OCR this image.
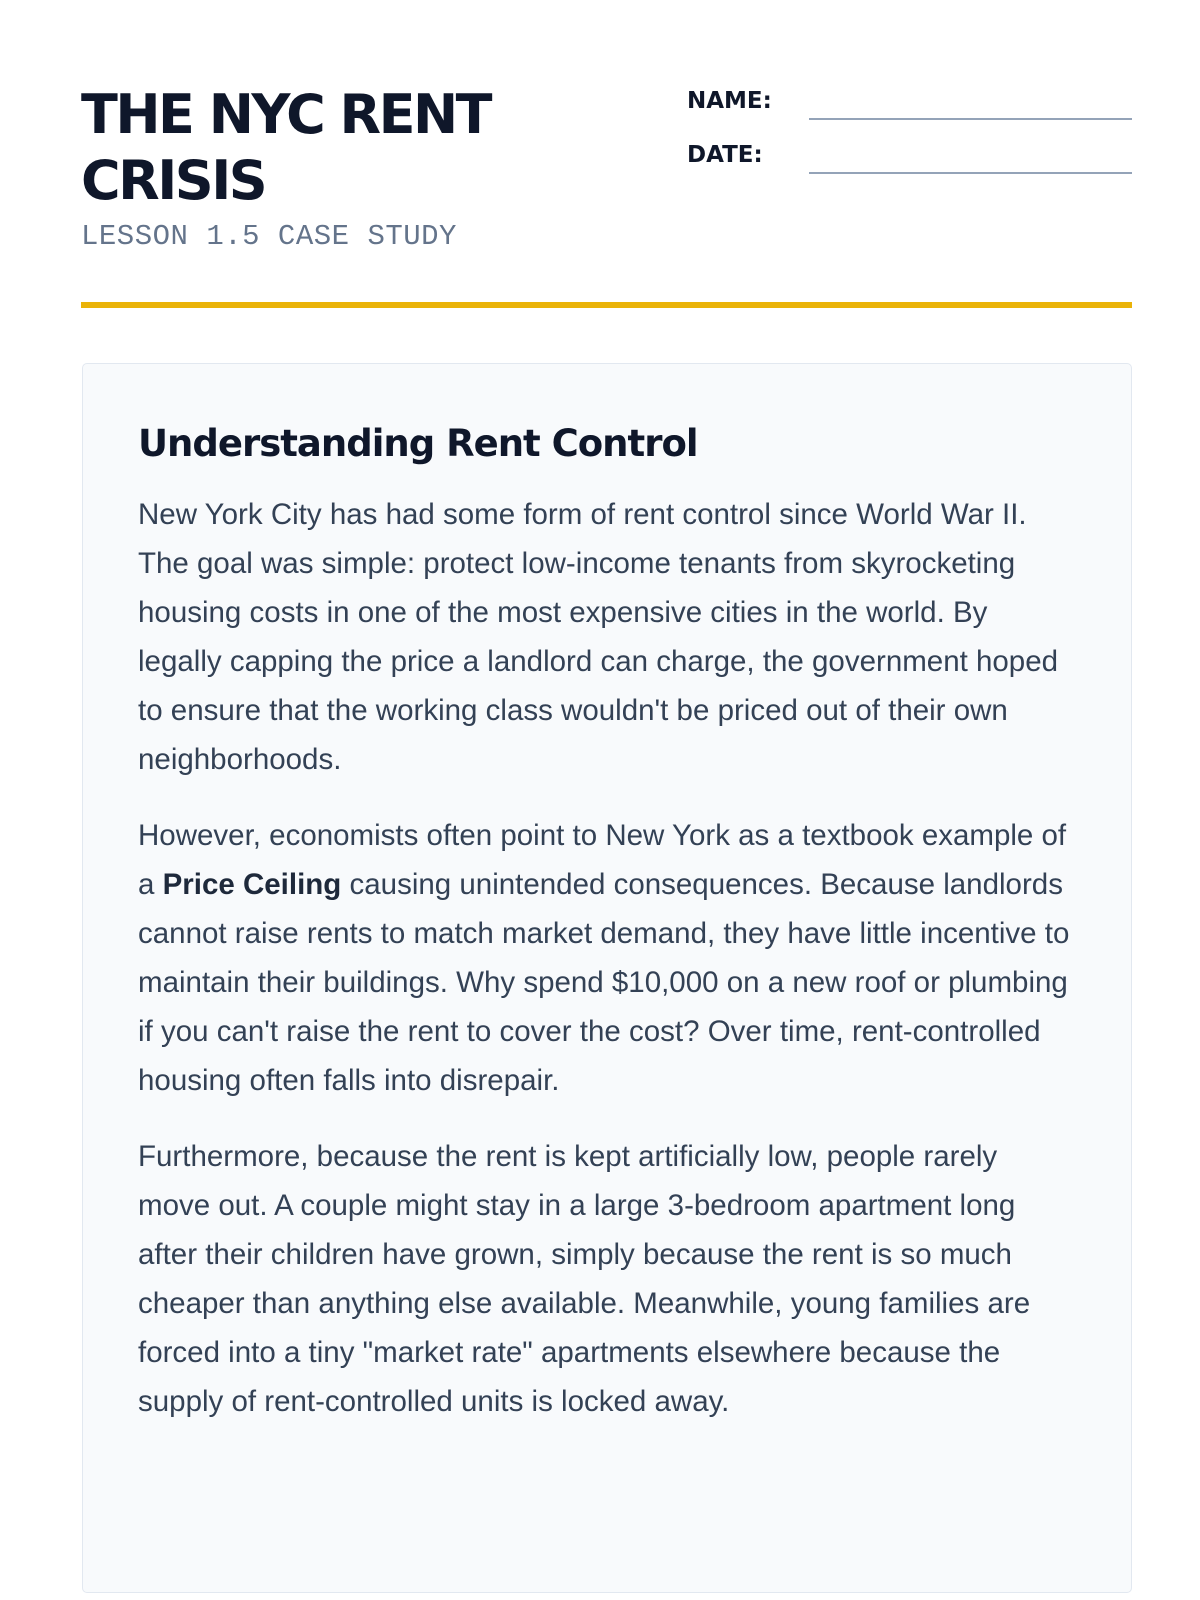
THE NYC RENT CRISIS
LESSON 1.5 CASE STUDY
NAME:
DATE:
Understanding Rent Control

New York City has had some form of rent control since World War II. The goal was simple: protect low-income tenants from skyrocketing housing costs in one of the most expensive cities in the world. By legally capping the price a landlord can charge, the government hoped to ensure that the working class wouldn't be priced out of their own neighborhoods.

However, economists often point to New York as a textbook example of a Price Ceiling causing unintended consequences. Because landlords cannot raise rents to match market demand, they have little incentive to maintain their buildings. Why spend $10,000 on a new roof or plumbing if you can't raise the rent to cover the cost? Over time, rent-controlled housing often falls into disrepair.

Furthermore, because the rent is kept artificially low, people rarely move out. A couple might stay in a large 3-bedroom apartment long after their children have grown, simply because the rent is so much cheaper than anything else available. Meanwhile, young families are forced into a tiny "market rate" apartments elsewhere because the supply of rent-controlled units is locked away.
